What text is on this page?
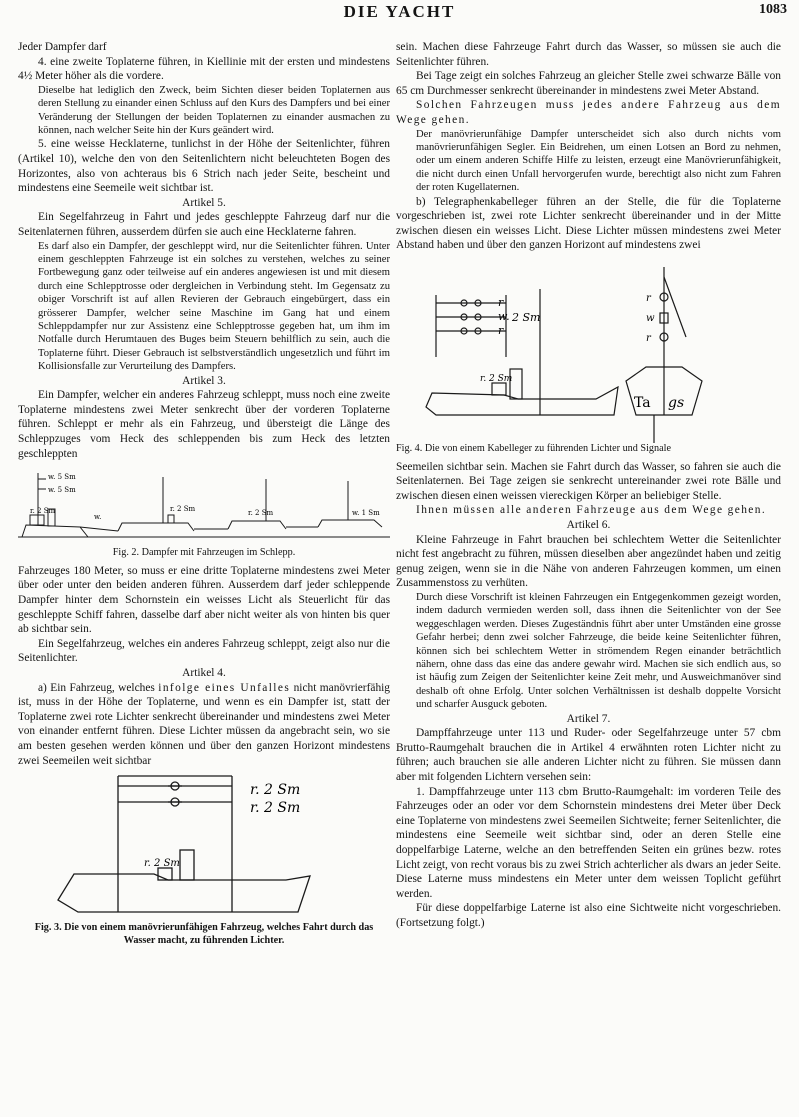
DIE YACHT	1083

Jeder Dampfer darf

4. eine zweite Toplaterne führen, in Kiellinie mit der ersten und mindestens 4½ Meter höher als die vordere.

Dieselbe hat lediglich den Zweck, beim Sichten dieser beiden Toplaternen aus deren Stellung zu einander einen Schluss auf den Kurs des Dampfers und bei einer Veränderung der Stellungen der beiden Toplaternen zu einander ausmachen zu können, nach welcher Seite hin der Kurs geändert wird.

5. eine weisse Hecklaterne, tunlichst in der Höhe der Seitenlichter, führen (Artikel 10), welche den von den Seitenlichtern nicht beleuchteten Bogen des Horizontes, also von achteraus bis 6 Strich nach jeder Seite, bescheint und mindestens eine Seemeile weit sichtbar ist.

Artikel 5.

Ein Segelfahrzeug in Fahrt und jedes geschleppte Fahrzeug darf nur die Seitenlaternen führen, ausserdem dürfen sie auch eine Hecklaterne fahren.

Es darf also ein Dampfer, der geschleppt wird, nur die Seitenlichter führen. Unter einem geschleppten Fahrzeuge ist ein solches zu verstehen, welches zu seiner Fortbewegung ganz oder teilweise auf ein anderes angewiesen ist und mit diesem durch eine Schlepptrosse oder dergleichen in Verbindung steht. Im Gegensatz zu obiger Vorschrift ist auf allen Revieren der Gebrauch eingebürgert, dass ein grösserer Dampfer, welcher seine Maschine im Gang hat und einem Schleppdampfer nur zur Assistenz eine Schlepptrosse gegeben hat, um ihm im Notfalle durch Herumtauen des Buges beim Steuern behilflich zu sein, auch die Toplaterne führt. Dieser Gebrauch ist selbstverständlich ungesetzlich und führt im Kollisionsfalle zur Verurteilung des Dampfers.

Artikel 3.

Ein Dampfer, welcher ein anderes Fahrzeug schleppt, muss noch eine zweite Toplaterne mindestens zwei Meter senkrecht über der vorderen Toplaterne führen. Schleppt er mehr als ein Fahrzeug, und übersteigt die Länge des Schleppzuges vom Heck des schleppenden bis zum Heck des letzten geschleppten

w. 5 Sm
w. 5 Sm
r. 2 Sm
w.
r. 2 Sm	r. 2 Sm	w. 1 Sm
Fig. 2. Dampfer mit Fahrzeugen im Schlepp.

Fahrzeuges 180 Meter, so muss er eine dritte Toplaterne mindestens zwei Meter über oder unter den beiden anderen führen. Ausserdem darf jeder schleppende Dampfer hinter dem Schornstein ein weisses Licht als Steuerlicht für das geschleppte Schiff fahren, dasselbe darf aber nicht weiter als von hinten bis quer ab sichtbar sein.

Ein Segelfahrzeug, welches ein anderes Fahrzeug schleppt, zeigt also nur die Seitenlichter.

Artikel 4.

a) Ein Fahrzeug, welches infolge eines Unfalles nicht manövrierfähig ist, muss in der Höhe der Toplaterne, und wenn es ein Dampfer ist, statt der Toplaterne zwei rote Lichter senkrecht übereinander und mindestens zwei Meter von einander entfernt führen. Diese Lichter müssen da angebracht sein, wo sie am besten gesehen werden können und über den ganzen Horizont mindestens zwei Seemeilen weit sichtbar

r. 2 Sm
r. 2 Sm
r. 2 Sm
Fig. 3. Die von einem manövrierunfähigen Fahrzeug, welches Fahrt durch das Wasser macht, zu führenden Lichter.

sein. Machen diese Fahrzeuge Fahrt durch das Wasser, so müssen sie auch die Seitenlichter führen.

Bei Tage zeigt ein solches Fahrzeug an gleicher Stelle zwei schwarze Bälle von 65 cm Durchmesser senkrecht übereinander in mindestens zwei Meter Abstand.

Solchen Fahrzeugen muss jedes andere Fahrzeug aus dem Wege gehen.

Der manövrierunfähige Dampfer unterscheidet sich also durch nichts vom manövrierunfähigen Segler. Ein Beidrehen, um einen Lotsen an Bord zu nehmen, oder um einem anderen Schiffe Hilfe zu leisten, erzeugt eine Manövrierunfähigkeit, die nicht durch einen Unfall hervorgerufen wurde, berechtigt also nicht zum Fahren der roten Kugellaternen.

b) Telegraphenkabelleger führen an der Stelle, die für die Toplaterne vorgeschrieben ist, zwei rote Lichter senkrecht übereinander und in der Mitte zwischen diesen ein weisses Licht. Diese Lichter müssen mindestens zwei Meter Abstand haben und über den ganzen Horizont auf mindestens zwei

r
w.
r
2 Sm
r. 2 Sm
r
w
r
Ta gs
Fig. 4. Die von einem Kabelleger zu führenden Lichter und Signale

Seemeilen sichtbar sein. Machen sie Fahrt durch das Wasser, so fahren sie auch die Seitenlaternen. Bei Tage zeigen sie senkrecht untereinander zwei rote Bälle und zwischen diesen einen weissen viereckigen Körper an beliebiger Stelle.

Ihnen müssen alle anderen Fahrzeuge aus dem Wege gehen.

Artikel 6.

Kleine Fahrzeuge in Fahrt brauchen bei schlechtem Wetter die Seitenlichter nicht fest angebracht zu führen, müssen dieselben aber angezündet haben und zeitig genug zeigen, wenn sie in die Nähe von anderen Fahrzeugen kommen, um einen Zusammenstoss zu verhüten.

Durch diese Vorschrift ist kleinen Fahrzeugen ein Entgegenkommen gezeigt worden, indem dadurch vermieden werden soll, dass ihnen die Seitenlichter von der See weggeschlagen werden. Dieses Zugeständnis führt aber unter Umständen eine grosse Gefahr herbei; denn zwei solcher Fahrzeuge, die beide keine Seitenlichter führen, können sich bei schlechtem Wetter in strömendem Regen einander beträchtlich nähern, ohne dass das eine das andere gewahr wird. Machen sie sich endlich aus, so ist häufig zum Zeigen der Seitenlichter keine Zeit mehr, und Ausweichmanöver sind deshalb oft ohne Erfolg. Unter solchen Verhältnissen ist deshalb doppelte Vorsicht und scharfer Ausguck geboten.

Artikel 7.

Dampffahrzeuge unter 113 und Ruder- oder Segelfahrzeuge unter 57 cbm Brutto-Raumgehalt brauchen die in Artikel 4 erwähnten roten Lichter nicht zu führen; auch brauchen sie alle anderen Lichter nicht zu führen. Sie müssen dann aber mit folgenden Lichtern versehen sein:

1. Dampffahrzeuge unter 113 cbm Brutto-Raumgehalt: im vorderen Teile des Fahrzeuges oder an oder vor dem Schornstein mindestens drei Meter über Deck eine Toplaterne von mindestens zwei Seemeilen Sichtweite; ferner Seitenlichter, die mindestens eine Seemeile weit sichtbar sind, oder an deren Stelle eine doppelfarbige Laterne, welche an den betreffenden Seiten ein grünes bezw. rotes Licht zeigt, von recht voraus bis zu zwei Strich achterlicher als dwars an jeder Seite. Diese Laterne muss mindestens ein Meter unter dem weissen Toplicht geführt werden.

Für diese doppelfarbige Laterne ist also eine Sichtweite nicht vorgeschrieben. (Fortsetzung folgt.)
